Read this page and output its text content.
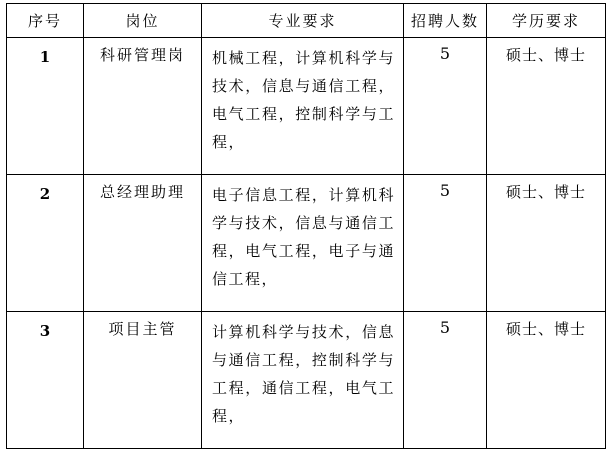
序号	岗位	专业要求	招聘人数	学历要求

1	科研管理岗	机械工程，计算机科学与技术，信息与通信工程，电气工程，控制科学与工程，	5	硕士、博士

2	总经理助理	电子信息工程，计算机科学与技术，信息与通信工程，电气工程，电子与通信工程，	5	硕士、博士

3	项目主管	计算机科学与技术，信息与通信工程，控制科学与工程，通信工程，电气工程，	5	硕士、博士
